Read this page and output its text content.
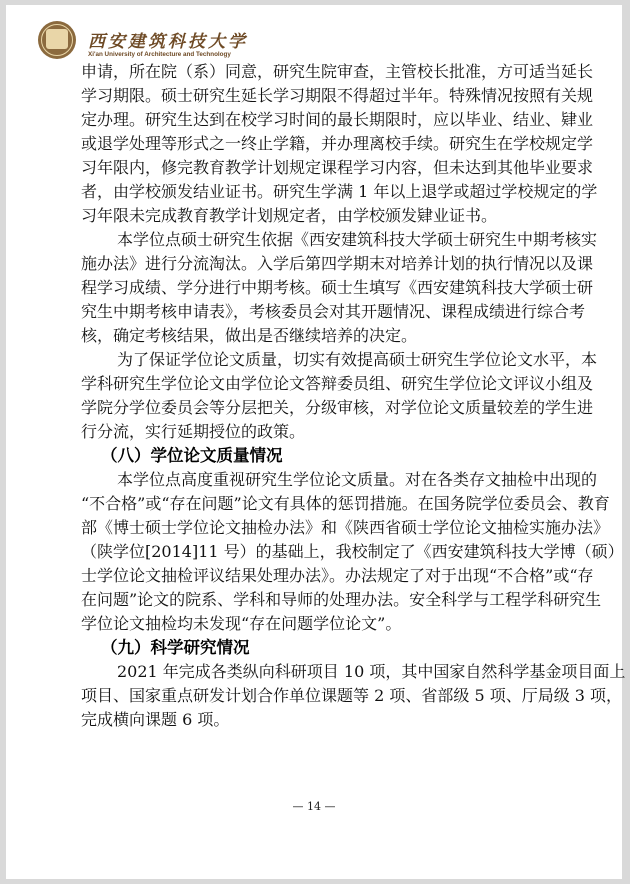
西安建筑科技大学
Xi'an University of Architecture and Technology
申请，所在院（系）同意，研究生院审查，主管校长批准，方可适当延长
学习期限。硕士研究生延长学习期限不得超过半年。特殊情况按照有关规
定办理。研究生达到在校学习时间的最长期限时，应以毕业、结业、肄业
或退学处理等形式之一终止学籍，并办理离校手续。研究生在学校规定学
习年限内，修完教育教学计划规定课程学习内容，但未达到其他毕业要求
者，由学校颁发结业证书。研究生学满 1 年以上退学或超过学校规定的学
习年限未完成教育教学计划规定者，由学校颁发肄业证书。
本学位点硕士研究生依据《西安建筑科技大学硕士研究生中期考核实
施办法》进行分流淘汰。入学后第四学期末对培养计划的执行情况以及课
程学习成绩、学分进行中期考核。硕士生填写《西安建筑科技大学硕士研
究生中期考核申请表》，考核委员会对其开题情况、课程成绩进行综合考
核，确定考核结果，做出是否继续培养的决定。
为了保证学位论文质量，切实有效提高硕士研究生学位论文水平，本
学科研究生学位论文由学位论文答辩委员组、研究生学位论文评议小组及
学院分学位委员会等分层把关，分级审核，对学位论文质量较差的学生进
行分流，实行延期授位的政策。
（八）学位论文质量情况
本学位点高度重视研究生学位论文质量。对在各类存文抽检中出现的
“不合格”或“存在问题”论文有具体的惩罚措施。在国务院学位委员会、教育
部《博士硕士学位论文抽检办法》和《陕西省硕士学位论文抽检实施办法》
（陕学位[2014]11 号）的基础上，我校制定了《西安建筑科技大学博（硕）
士学位论文抽检评议结果处理办法》。办法规定了对于出现“不合格”或“存
在问题”论文的院系、学科和导师的处理办法。安全科学与工程学科研究生
学位论文抽检均未发现“存在问题学位论文”。
（九）科学研究情况
2021 年完成各类纵向科研项目 10 项，其中国家自然科学基金项目面上
项目、国家重点研发计划合作单位课题等 2 项、省部级 5 项、厅局级 3 项，
完成横向课题 6 项。
— 14 —
